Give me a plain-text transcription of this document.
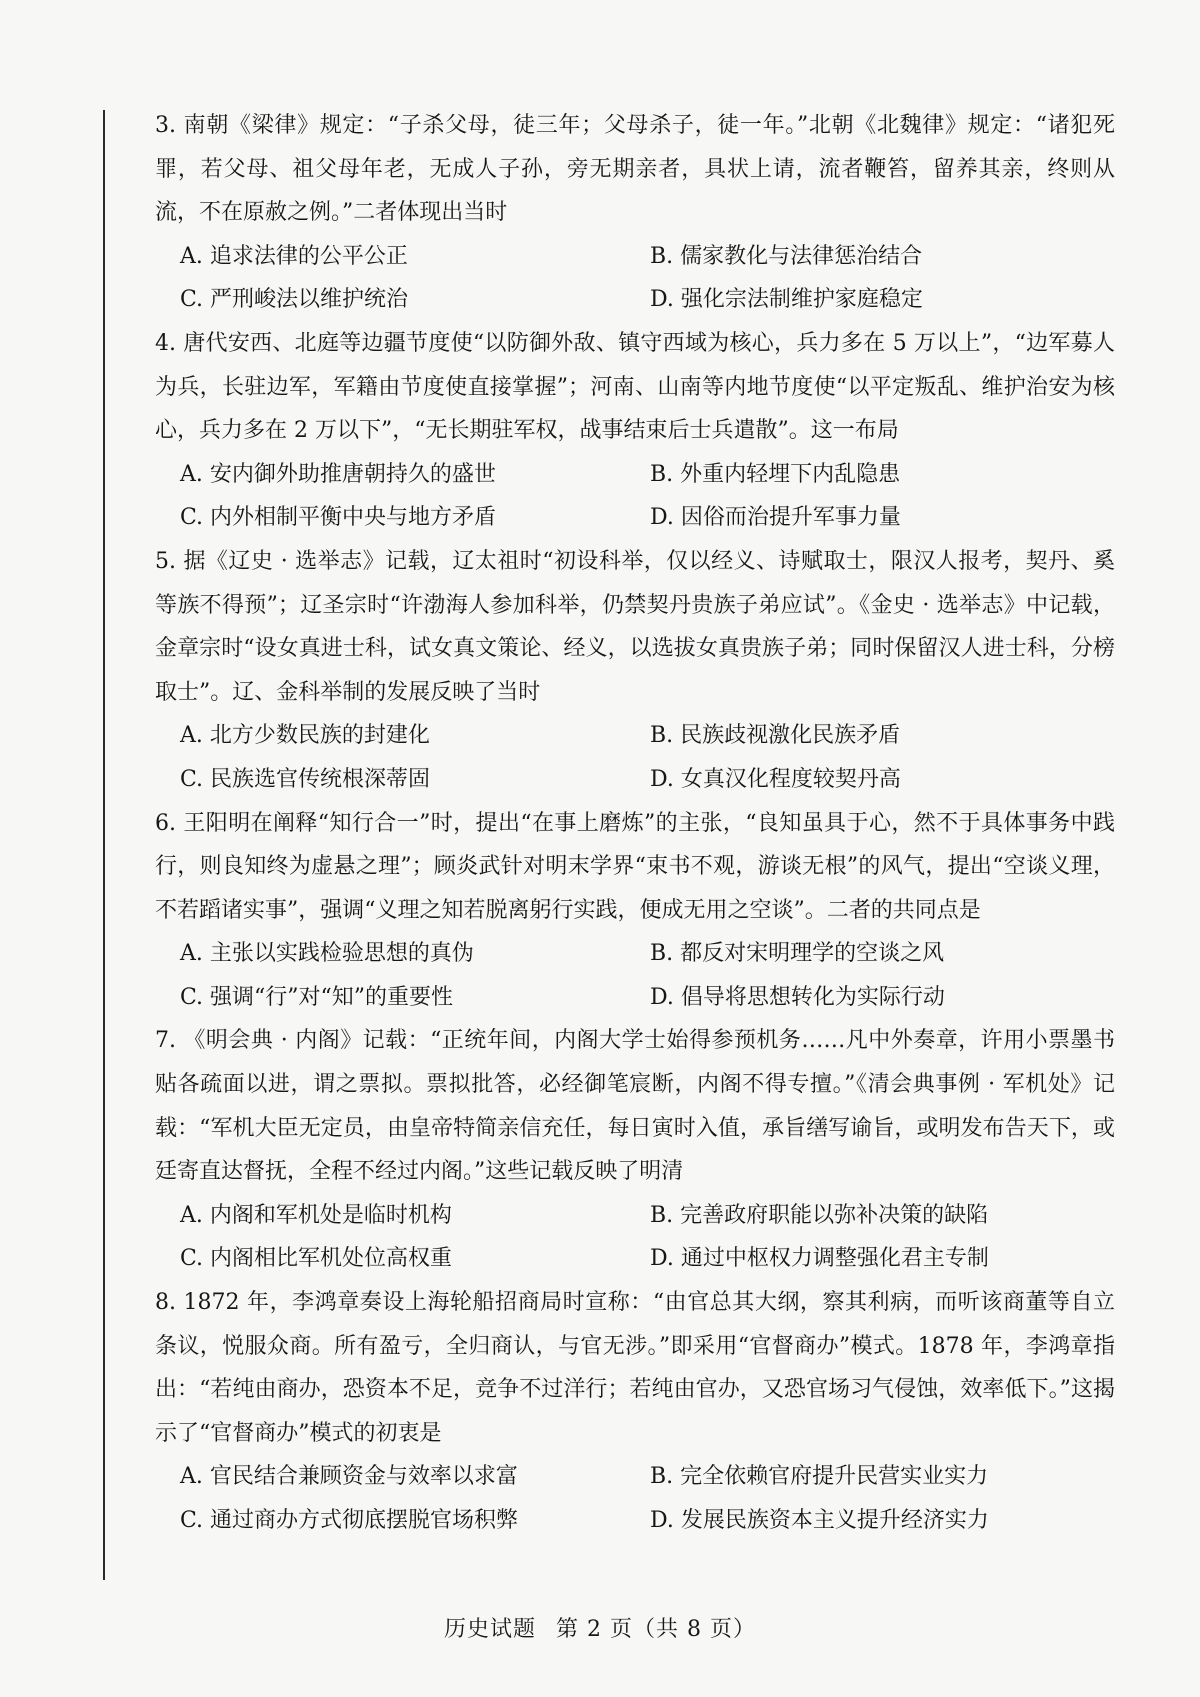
3. 南朝《梁律》规定：“子杀父母，徒三年；父母杀子，徒一年。”北朝《北魏律》规定：“诸犯死罪，若父母、祖父母年老，无成人子孙，旁无期亲者，具状上请，流者鞭笞，留养其亲，终则从流，不在原赦之例。”二者体现出当时
A. 追求法律的公平公正	B. 儒家教化与法律惩治结合
C. 严刑峻法以维护统治	D. 强化宗法制维护家庭稳定
4. 唐代安西、北庭等边疆节度使“以防御外敌、镇守西域为核心，兵力多在 5 万以上”，“边军募人为兵，长驻边军，军籍由节度使直接掌握”；河南、山南等内地节度使“以平定叛乱、维护治安为核心，兵力多在 2 万以下”，“无长期驻军权，战事结束后士兵遣散”。这一布局
A. 安内御外助推唐朝持久的盛世	B. 外重内轻埋下内乱隐患
C. 内外相制平衡中央与地方矛盾	D. 因俗而治提升军事力量
5. 据《辽史 · 选举志》记载，辽太祖时“初设科举，仅以经义、诗赋取士，限汉人报考，契丹、奚等族不得预”；辽圣宗时“许渤海人参加科举，仍禁契丹贵族子弟应试”。《金史 · 选举志》中记载，金章宗时“设女真进士科，试女真文策论、经义，以选拔女真贵族子弟；同时保留汉人进士科，分榜取士”。辽、金科举制的发展反映了当时
A. 北方少数民族的封建化	B. 民族歧视激化民族矛盾
C. 民族选官传统根深蒂固	D. 女真汉化程度较契丹高
6. 王阳明在阐释“知行合一”时，提出“在事上磨炼”的主张，“良知虽具于心，然不于具体事务中践行，则良知终为虚悬之理”；顾炎武针对明末学界“束书不观，游谈无根”的风气，提出“空谈义理，不若蹈诸实事”，强调“义理之知若脱离躬行实践，便成无用之空谈”。二者的共同点是
A. 主张以实践检验思想的真伪	B. 都反对宋明理学的空谈之风
C. 强调“行”对“知”的重要性	D. 倡导将思想转化为实际行动
7. 《明会典 · 内阁》记载：“正统年间，内阁大学士始得参预机务……凡中外奏章，许用小票墨书贴各疏面以进，谓之票拟。票拟批答，必经御笔宸断，内阁不得专擅。”《清会典事例 · 军机处》记载：“军机大臣无定员，由皇帝特简亲信充任，每日寅时入值，承旨缮写谕旨，或明发布告天下，或廷寄直达督抚，全程不经过内阁。”这些记载反映了明清
A. 内阁和军机处是临时机构	B. 完善政府职能以弥补决策的缺陷
C. 内阁相比军机处位高权重	D. 通过中枢权力调整强化君主专制
8. 1872 年，李鸿章奏设上海轮船招商局时宣称：“由官总其大纲，察其利病，而听该商董等自立条议，悦服众商。所有盈亏，全归商认，与官无涉。”即采用“官督商办”模式。1878 年，李鸿章指出：“若纯由商办，恐资本不足，竞争不过洋行；若纯由官办，又恐官场习气侵蚀，效率低下。”这揭示了“官督商办”模式的初衷是
A. 官民结合兼顾资金与效率以求富	B. 完全依赖官府提升民营实业实力
C. 通过商办方式彻底摆脱官场积弊	D. 发展民族资本主义提升经济实力
历史试题 第 2 页（共 8 页）
